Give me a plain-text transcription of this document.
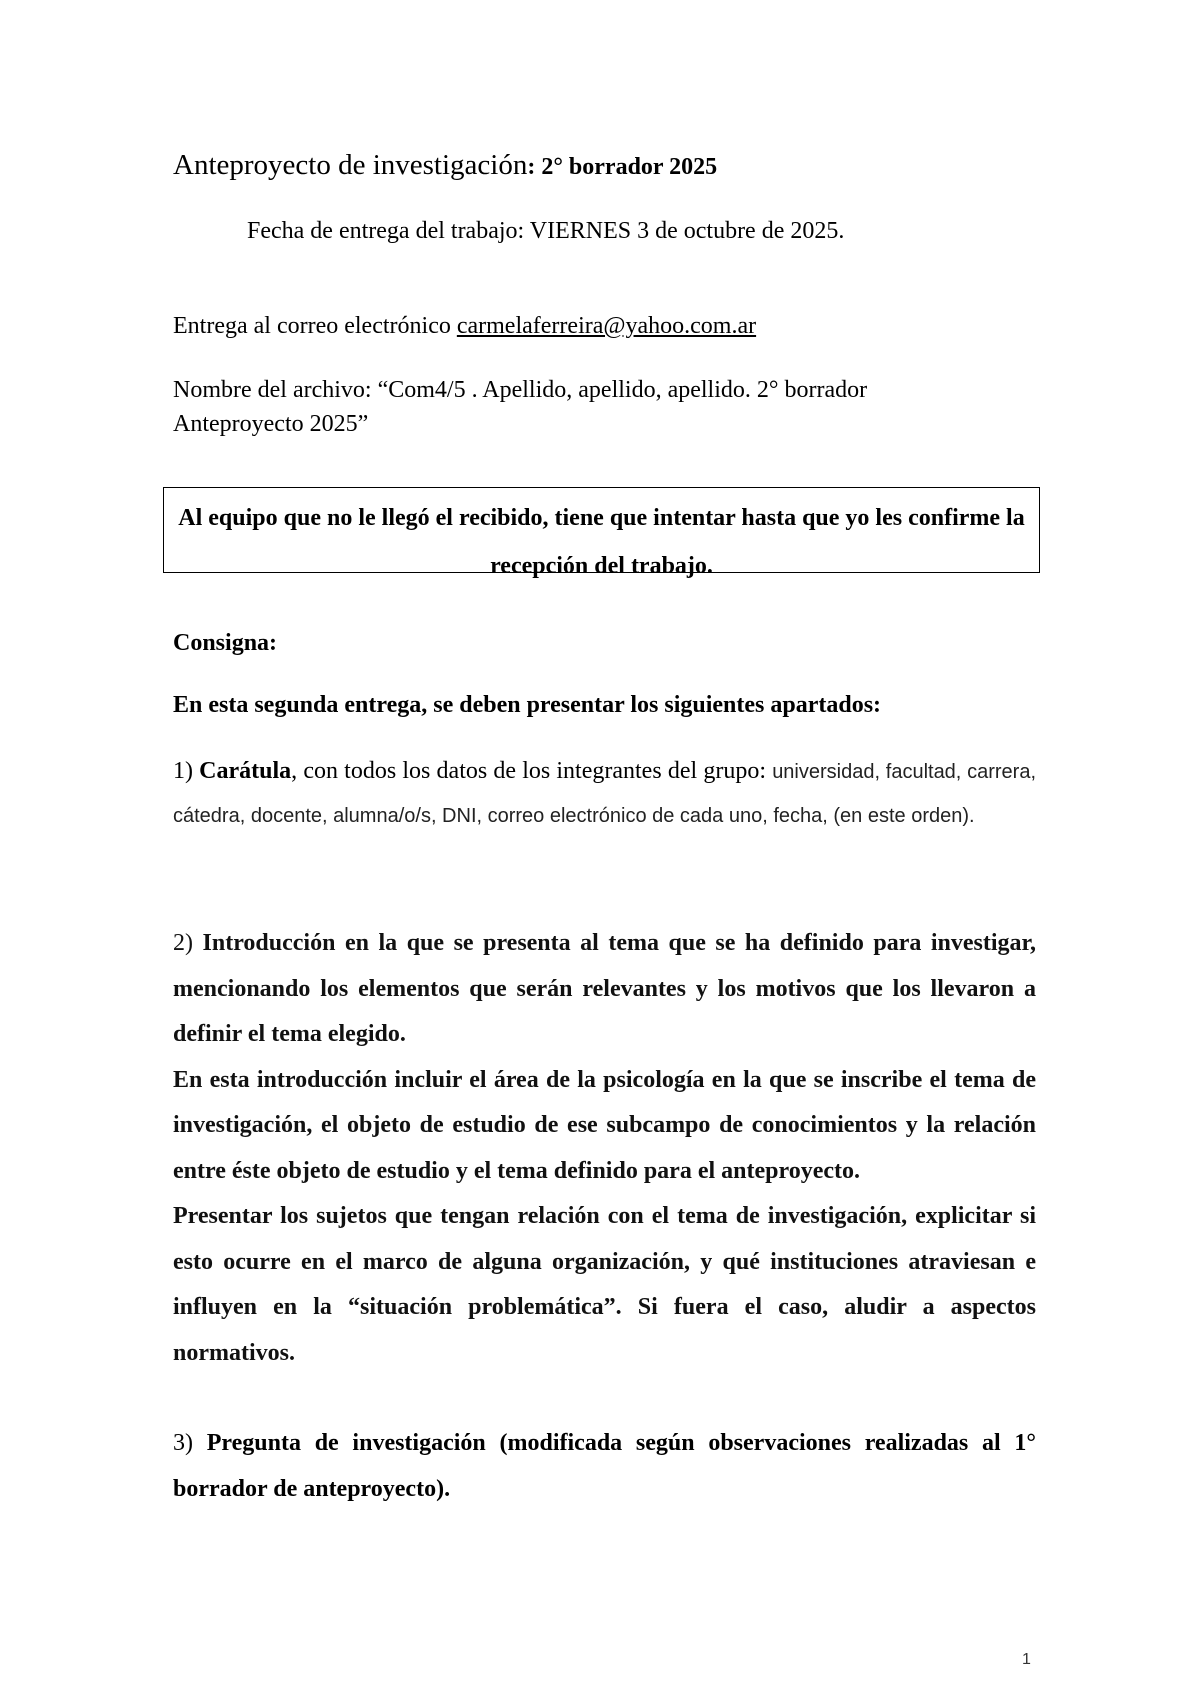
Anteproyecto de investigación: 2° borrador 2025

Fecha de entrega del trabajo: VIERNES 3 de octubre de 2025.

Entrega al correo electrónico carmelaferreira@yahoo.com.ar

Nombre del archivo: “Com4/5 . Apellido, apellido, apellido. 2° borrador Anteproyecto 2025”

Al equipo que no le llegó el recibido, tiene que intentar hasta que yo les confirme la recepción del trabajo.

Consigna:

En esta segunda entrega, se deben presentar los siguientes apartados:

1) Carátula, con todos los datos de los integrantes del grupo: universidad, facultad, carrera, cátedra, docente, alumna/o/s, DNI, correo electrónico de cada uno, fecha, (en este orden).

2) Introducción en la que se presenta al tema que se ha definido para investigar, mencionando los elementos que serán relevantes y los motivos que los llevaron a definir el tema elegido.

En esta introducción incluir el área de la psicología en la que se inscribe el tema de investigación, el objeto de estudio de ese subcampo de conocimientos y la relación entre éste objeto de estudio y el tema definido para el anteproyecto.

Presentar los sujetos que tengan relación con el tema de investigación, explicitar si esto ocurre en el marco de alguna organización, y qué instituciones atraviesan e influyen en la “situación problemática”. Si fuera el caso, aludir a aspectos normativos.

3) Pregunta de investigación (modificada según observaciones realizadas al 1° borrador de anteproyecto).

1
